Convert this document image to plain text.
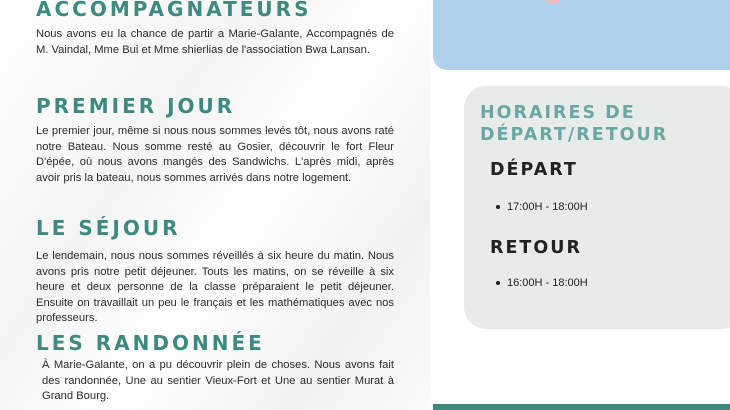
ACCOMPAGNATEURS

Nous avons eu la chance de partir a Marie-Galante, Accompagnés de M. Vaindal, Mme Bui et Mme shierlias de l'association Bwa Lansan.

PREMIER JOUR

Le premier jour, même si nous nous sommes levés tôt, nous avons raté notre Bateau. Nous somme resté au Gosier, découvrir le fort Fleur D'épée, où nous avons mangés des Sandwichs. L'après midi, après avoir pris la bateau, nous sommes arrivés dans notre logement.

LE SÉJOUR

Le lendemain, nous nous sommes réveillés à six heure du matin. Nous avons pris notre petit déjeuner. Touts les matins, on se réveille à six heure et deux personne de la classe préparaient le petit déjeuner. Ensuite on travaillait un peu le français et les mathématiques avec nos professeurs.

LES RANDONNÉE

À Marie-Galante, on a pu découvrir plein de choses. Nous avons fait des randonnée, Une au sentier Vieux-Fort et Une au sentier Murat à Grand Bourg.

HORAIRES DE
DÉPART/RETOUR
DÉPART

17:00H - 18:00H

RETOUR

16:00H - 18:00H
